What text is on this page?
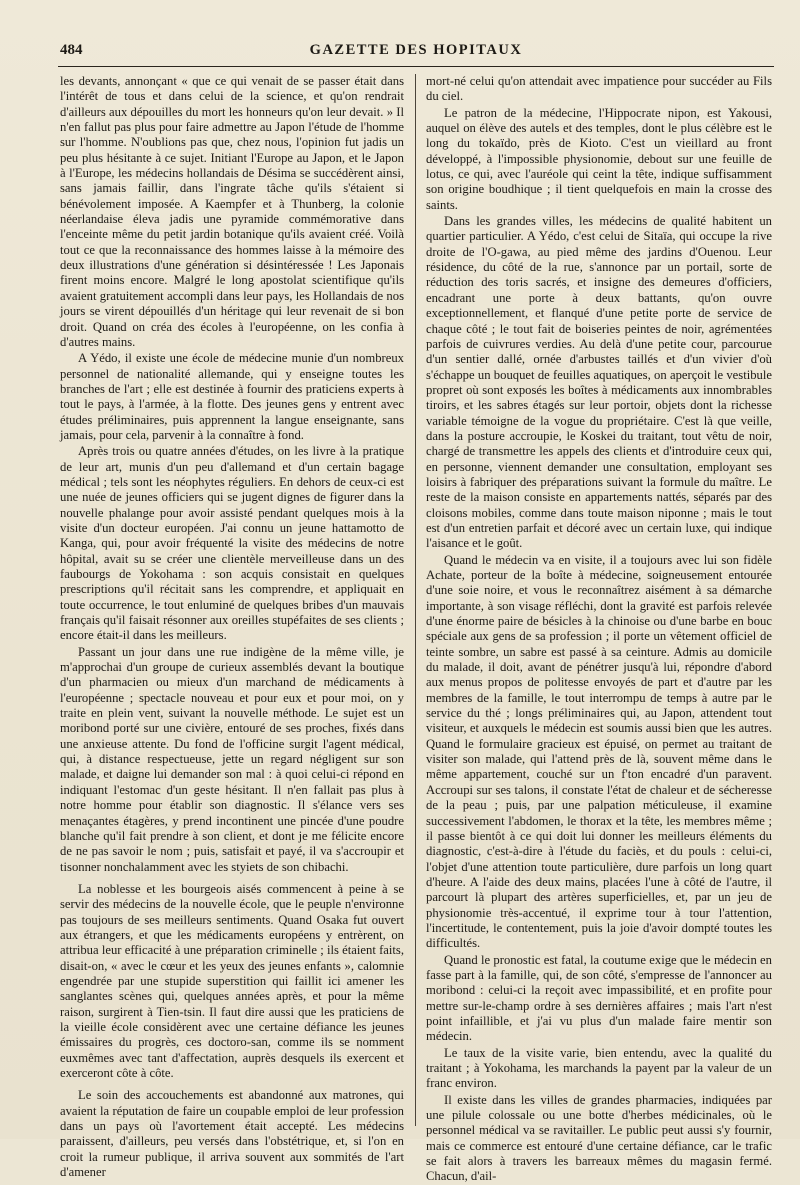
484	GAZETTE DES HOPITAUX

les devants, annonçant « que ce qui venait de se passer était dans l'intérêt de tous et dans celui de la science, et qu'on rendrait d'ailleurs aux dépouilles du mort les honneurs qu'on leur devait. » Il n'en fallut pas plus pour faire admettre au Japon l'étude de l'homme sur l'homme. N'oublions pas que, chez nous, l'opinion fut jadis un peu plus hésitante à ce sujet. Initiant l'Europe au Japon, et le Japon à l'Europe, les médecins hollandais de Désima se succédèrent ainsi, sans jamais faillir, dans l'ingrate tâche qu'ils s'étaient si bénévolement imposée. A Kaempfer et à Thunberg, la colonie néerlandaise éleva jadis une pyramide commémorative dans l'enceinte même du petit jardin botanique qu'ils avaient créé. Voilà tout ce que la reconnaissance des hommes laisse à la mémoire des deux illustrations d'une génération si désintéressée ! Les Japonais firent moins encore. Malgré le long apostolat scientifique qu'ils avaient gratuitement accompli dans leur pays, les Hollandais de nos jours se virent dépouillés d'un héritage qui leur revenait de si bon droit. Quand on créa des écoles à l'européenne, on les confia à d'autres mains.

A Yédo, il existe une école de médecine munie d'un nombreux personnel de nationalité allemande, qui y enseigne toutes les branches de l'art ; elle est destinée à fournir des praticiens experts à tout le pays, à l'armée, à la flotte. Des jeunes gens y entrent avec études préliminaires, puis apprennent la langue enseignante, sans jamais, pour cela, parvenir à la connaître à fond.

Après trois ou quatre années d'études, on les livre à la pratique de leur art, munis d'un peu d'allemand et d'un certain bagage médical ; tels sont les néophytes réguliers. En dehors de ceux-ci est une nuée de jeunes officiers qui se jugent dignes de figurer dans la nouvelle phalange pour avoir assisté pendant quelques mois à la visite d'un docteur européen. J'ai connu un jeune hattamotto de Kanga, qui, pour avoir fréquenté la visite des médecins de notre hôpital, avait su se créer une clientèle merveilleuse dans un des faubourgs de Yokohama : son acquis consistait en quelques prescriptions qu'il récitait sans les comprendre, et appliquait en toute occurrence, le tout enluminé de quelques bribes d'un mauvais français qu'il faisait résonner aux oreilles stupéfaites de ses clients ; encore était-il dans les meilleurs.

Passant un jour dans une rue indigène de la même ville, je m'approchai d'un groupe de curieux assemblés devant la boutique d'un pharmacien ou mieux d'un marchand de médicaments à l'européenne ; spectacle nouveau et pour eux et pour moi, on y traite en plein vent, suivant la nouvelle méthode. Le sujet est un moribond porté sur une civière, entouré de ses proches, fixés dans une anxieuse attente. Du fond de l'officine surgit l'agent médical, qui, à distance respectueuse, jette un regard négligent sur son malade, et daigne lui demander son mal : à quoi celui-ci répond en indiquant l'estomac d'un geste hésitant. Il n'en fallait pas plus à notre homme pour établir son diagnostic. Il s'élance vers ses menaçantes étagères, y prend incontinent une pincée d'une poudre blanche qu'il fait prendre à son client, et dont je me félicite encore de ne pas savoir le nom ; puis, satisfait et payé, il va s'accroupir et tisonner nonchalamment avec les styiets de son chibachi.

La noblesse et les bourgeois aisés commencent à peine à se servir des médecins de la nouvelle école, que le peuple n'environne pas toujours de ses meilleurs sentiments. Quand Osaka fut ouvert aux étrangers, et que les médicaments européens y entrèrent, on attribua leur efficacité à une préparation criminelle ; ils étaient faits, disait-on, « avec le cœur et les yeux des jeunes enfants », calomnie engendrée par une stupide superstition qui faillit ici amener les sanglantes scènes qui, quelques années après, et pour la même raison, surgirent à Tien-tsin. Il faut dire aussi que les praticiens de la vieille école considèrent avec une certaine défiance les jeunes émissaires du progrès, ces doctoro-san, comme ils se nomment euxmêmes avec tant d'affectation, auprès desquels ils exercent et exerceront côte à côte.

Le soin des accouchements est abandonné aux matrones, qui avaient la réputation de faire un coupable emploi de leur profession dans un pays où l'avortement était accepté. Les médecins paraissent, d'ailleurs, peu versés dans l'obstétrique, et, si l'on en croit la rumeur publique, il arriva souvent aux sommités de l'art d'amener

mort-né celui qu'on attendait avec impatience pour succéder au Fils du ciel.

Le patron de la médecine, l'Hippocrate nipon, est Yakousi, auquel on élève des autels et des temples, dont le plus célèbre est le long du tokaïdo, près de Kioto. C'est un vieillard au front développé, à l'impossible physionomie, debout sur une feuille de lotus, ce qui, avec l'auréole qui ceint la tête, indique suffisamment son origine boudhique ; il tient quelquefois en main la crosse des saints.

Dans les grandes villes, les médecins de qualité habitent un quartier particulier. A Yédo, c'est celui de Sitaïa, qui occupe la rive droite de l'O-gawa, au pied même des jardins d'Ouenou. Leur résidence, du côté de la rue, s'annonce par un portail, sorte de réduction des toris sacrés, et insigne des demeures d'officiers, encadrant une porte à deux battants, qu'on ouvre exceptionnellement, et flanqué d'une petite porte de service de chaque côté ; le tout fait de boiseries peintes de noir, agrémentées parfois de cuivrures verdies. Au delà d'une petite cour, parcourue d'un sentier dallé, ornée d'arbustes taillés et d'un vivier d'où s'échappe un bouquet de feuilles aquatiques, on aperçoit le vestibule propret où sont exposés les boîtes à médicaments aux innombrables tiroirs, et les sabres étagés sur leur portoir, objets dont la richesse variable témoigne de la vogue du propriétaire. C'est là que veille, dans la posture accroupie, le Koskei du traitant, tout vêtu de noir, chargé de transmettre les appels des clients et d'introduire ceux qui, en personne, viennent demander une consultation, employant ses loisirs à fabriquer des préparations suivant la formule du maître. Le reste de la maison consiste en appartements nattés, séparés par des cloisons mobiles, comme dans toute maison niponne ; mais le tout est d'un entretien parfait et décoré avec un certain luxe, qui indique l'aisance et le goût.

Quand le médecin va en visite, il a toujours avec lui son fidèle Achate, porteur de la boîte à médecine, soigneusement entourée d'une soie noire, et vous le reconnaîtrez aisément à sa démarche importante, à son visage réfléchi, dont la gravité est parfois relevée d'une énorme paire de bésicles à la chinoise ou d'une barbe en bouc spéciale aux gens de sa profession ; il porte un vêtement officiel de teinte sombre, un sabre est passé à sa ceinture. Admis au domicile du malade, il doit, avant de pénétrer jusqu'à lui, répondre d'abord aux menus propos de politesse envoyés de part et d'autre par les membres de la famille, le tout interrompu de temps à autre par le service du thé ; longs préliminaires qui, au Japon, attendent tout visiteur, et auxquels le médecin est soumis aussi bien que les autres. Quand le formulaire gracieux est épuisé, on permet au traitant de visiter son malade, qui l'attend près de là, souvent même dans le même appartement, couché sur un f'ton encadré d'un paravent. Accroupi sur ses talons, il constate l'état de chaleur et de sécheresse de la peau ; puis, par une palpation méticuleuse, il examine successivement l'abdomen, le thorax et la tête, les membres même ; il passe bientôt à ce qui doit lui donner les meilleurs éléments du diagnostic, c'est-à-dire à l'étude du faciès, et du pouls : celui-ci, l'objet d'une attention toute particulière, dure parfois un long quart d'heure. A l'aide des deux mains, placées l'une à côté de l'autre, il parcourt là plupart des artères superficielles, et, par un jeu de physionomie très-accentué, il exprime tour à tour l'attention, l'incertitude, le contentement, puis la joie d'avoir dompté toutes les difficultés.

Quand le pronostic est fatal, la coutume exige que le médecin en fasse part à la famille, qui, de son côté, s'empresse de l'annoncer au moribond : celui-ci la reçoit avec impassibilité, et en profite pour mettre sur-le-champ ordre à ses dernières affaires ; mais l'art n'est point infaillible, et j'ai vu plus d'un malade faire mentir son médecin.

Le taux de la visite varie, bien entendu, avec la qualité du traitant ; à Yokohama, les marchands la payent par la valeur de un franc environ.

Il existe dans les villes de grandes pharmacies, indiquées par une pilule colossale ou une botte d'herbes médicinales, où le personnel médical va se ravitailler. Le public peut aussi s'y fournir, mais ce commerce est entouré d'une certaine défiance, car le trafic se fait alors à travers les barreaux mêmes du magasin fermé. Chacun, d'ail-
